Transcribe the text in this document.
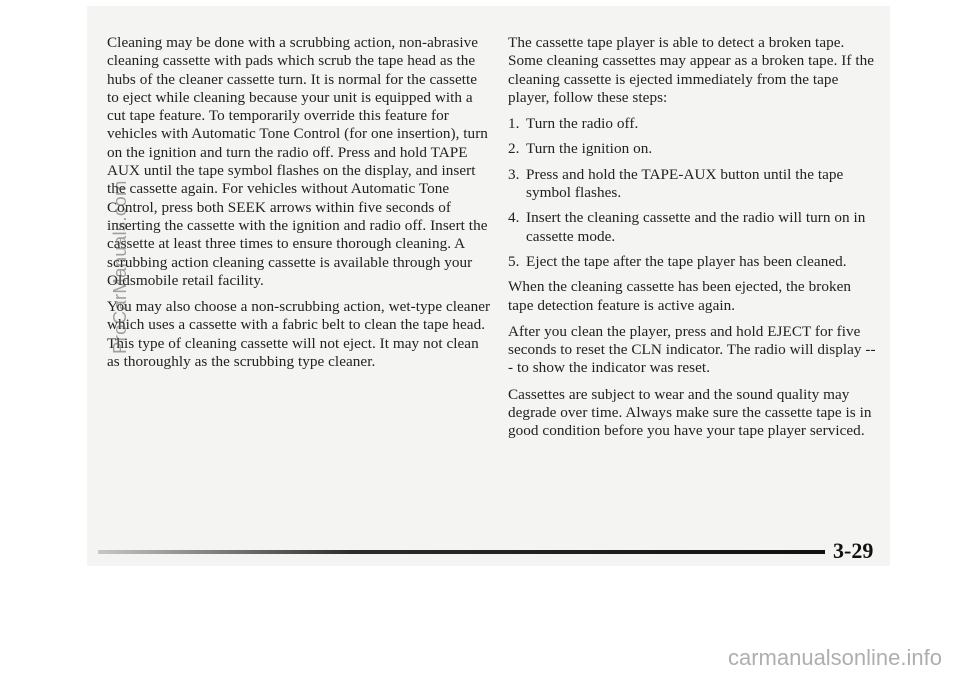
Cleaning may be done with a scrubbing action, non-abrasive cleaning cassette with pads which scrub the tape head as the hubs of the cleaner cassette turn. It is normal for the cassette to eject while cleaning because your unit is equipped with a cut tape feature. To temporarily override this feature for vehicles with Automatic Tone Control (for one insertion), turn on the ignition and turn the radio off. Press and hold TAPE AUX until the tape symbol flashes on the display, and insert the cassette again. For vehicles without Automatic Tone Control, press both SEEK arrows within five seconds of inserting the cassette with the ignition and radio off. Insert the cassette at least three times to ensure thorough cleaning. A scrubbing action cleaning cassette is available through your Oldsmobile retail facility.

You may also choose a non-scrubbing action, wet-type cleaner which uses a cassette with a fabric belt to clean the tape head. This type of cleaning cassette will not eject. It may not clean as thoroughly as the scrubbing type cleaner.

The cassette tape player is able to detect a broken tape. Some cleaning cassettes may appear as a broken tape. If the cleaning cassette is ejected immediately from the tape player, follow these steps:

1. Turn the radio off.
2. Turn the ignition on.
3. Press and hold the TAPE-AUX button until the tape symbol flashes.
4. Insert the cleaning cassette and the radio will turn on in cassette mode.
5. Eject the tape after the tape player has been cleaned.

When the cleaning cassette has been ejected, the broken tape detection feature is active again.

After you clean the player, press and hold EJECT for five seconds to reset the CLN indicator. The radio will display --- to show the indicator was reset.

Cassettes are subject to wear and the sound quality may degrade over time. Always make sure the cassette tape is in good condition before you have your tape player serviced.

3-29
ProCarManuals.com
carmanualsonline.info
